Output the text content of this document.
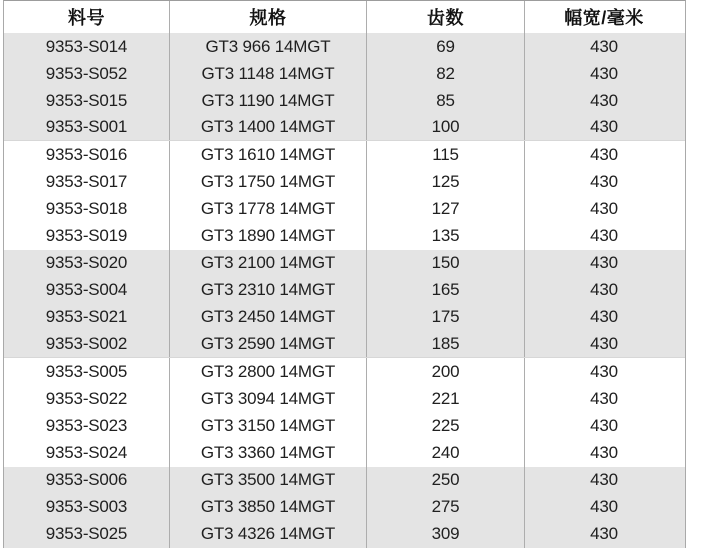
料号	规格	齿数	幅宽/毫米
9353-S014	GT3 966 14MGT	69	430
9353-S052	GT3 1148 14MGT	82	430
9353-S015	GT3 1190 14MGT	85	430
9353-S001	GT3 1400 14MGT	100	430
9353-S016	GT3 1610 14MGT	115	430
9353-S017	GT3 1750 14MGT	125	430
9353-S018	GT3 1778 14MGT	127	430
9353-S019	GT3 1890 14MGT	135	430
9353-S020	GT3 2100 14MGT	150	430
9353-S004	GT3 2310 14MGT	165	430
9353-S021	GT3 2450 14MGT	175	430
9353-S002	GT3 2590 14MGT	185	430
9353-S005	GT3 2800 14MGT	200	430
9353-S022	GT3 3094 14MGT	221	430
9353-S023	GT3 3150 14MGT	225	430
9353-S024	GT3 3360 14MGT	240	430
9353-S006	GT3 3500 14MGT	250	430
9353-S003	GT3 3850 14MGT	275	430
9353-S025	GT3 4326 14MGT	309	430
